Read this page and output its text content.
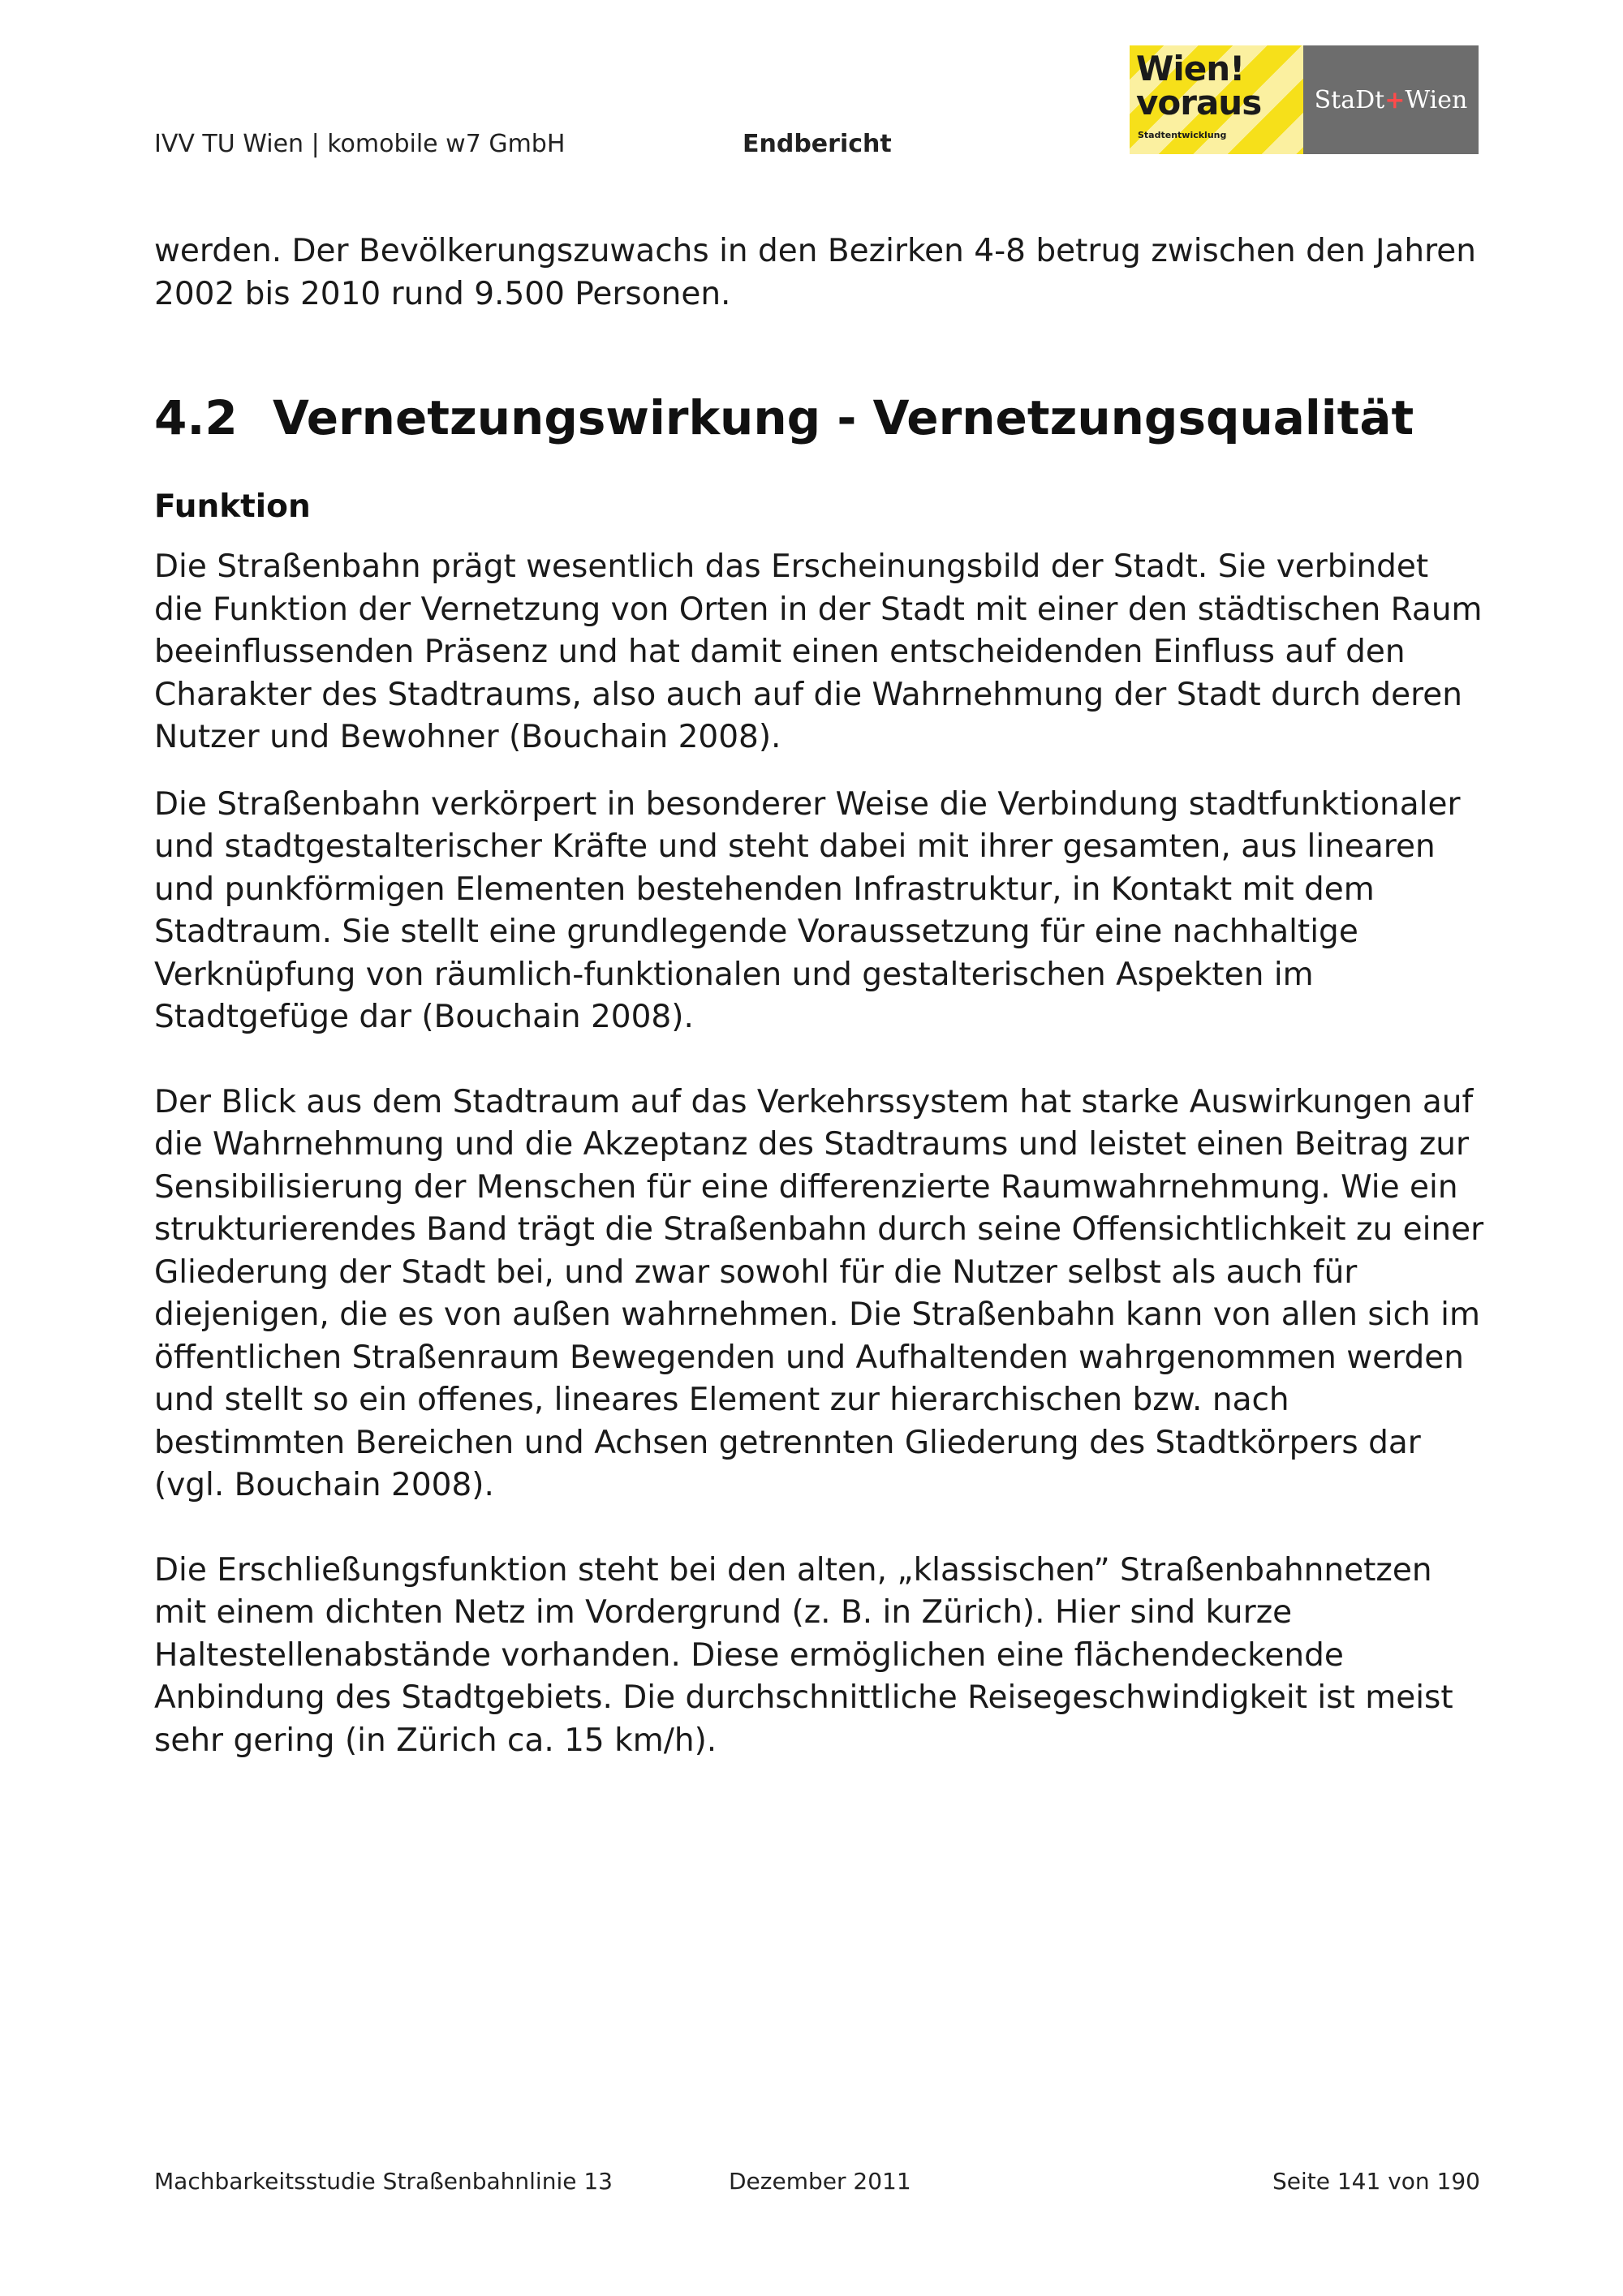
IVV TU Wien | komobile w7 GmbH	Endbericht
Wien!
voraus
Stadtentwicklung
StaDt + Wien

werden. Der Bevölkerungszuwachs in den Bezirken 4-8 betrug zwischen den Jahren 2002 bis 2010 rund 9.500 Personen.

4.2 Vernetzungswirkung - Vernetzungsqualität
Funktion

Die Straßenbahn prägt wesentlich das Erscheinungsbild der Stadt. Sie verbindet die Funktion der Vernetzung von Orten in der Stadt mit einer den städtischen Raum beeinflussenden Präsenz und hat damit einen entscheidenden Einfluss auf den Charakter des Stadtraums, also auch auf die Wahrnehmung der Stadt durch deren Nutzer und Bewohner (Bouchain 2008).

Die Straßenbahn verkörpert in besonderer Weise die Verbindung stadtfunktionaler und stadtgestalterischer Kräfte und steht dabei mit ihrer gesamten, aus linearen und punkförmigen Elementen bestehenden Infrastruktur, in Kontakt mit dem Stadtraum. Sie stellt eine grundlegende Voraussetzung für eine nachhaltige Verknüpfung von räumlich-funktionalen und gestalterischen Aspekten im Stadtgefüge dar (Bouchain 2008).

Der Blick aus dem Stadtraum auf das Verkehrssystem hat starke Auswirkungen auf die Wahrnehmung und die Akzeptanz des Stadtraums und leistet einen Beitrag zur Sensibilisierung der Menschen für eine differenzierte Raumwahrnehmung. Wie ein strukturierendes Band trägt die Straßenbahn durch seine Offensichtlichkeit zu einer Gliederung der Stadt bei, und zwar sowohl für die Nutzer selbst als auch für diejenigen, die es von außen wahrnehmen. Die Straßenbahn kann von allen sich im öffentlichen Straßenraum Bewegenden und Aufhaltenden wahrgenommen werden und stellt so ein offenes, lineares Element zur hierarchischen bzw. nach bestimmten Bereichen und Achsen getrennten Gliederung des Stadtkörpers dar (vgl. Bouchain 2008).

Die Erschließungsfunktion steht bei den alten, „klassischen” Straßenbahnnetzen mit einem dichten Netz im Vordergrund (z. B. in Zürich). Hier sind kurze Haltestellenabstände vorhanden. Diese ermöglichen eine flächendeckende Anbindung des Stadtgebiets. Die durchschnittliche Reisegeschwindigkeit ist meist sehr gering (in Zürich ca. 15 km/h).

Machbarkeitsstudie Straßenbahnlinie 13	Dezember 2011	Seite 141 von 190
